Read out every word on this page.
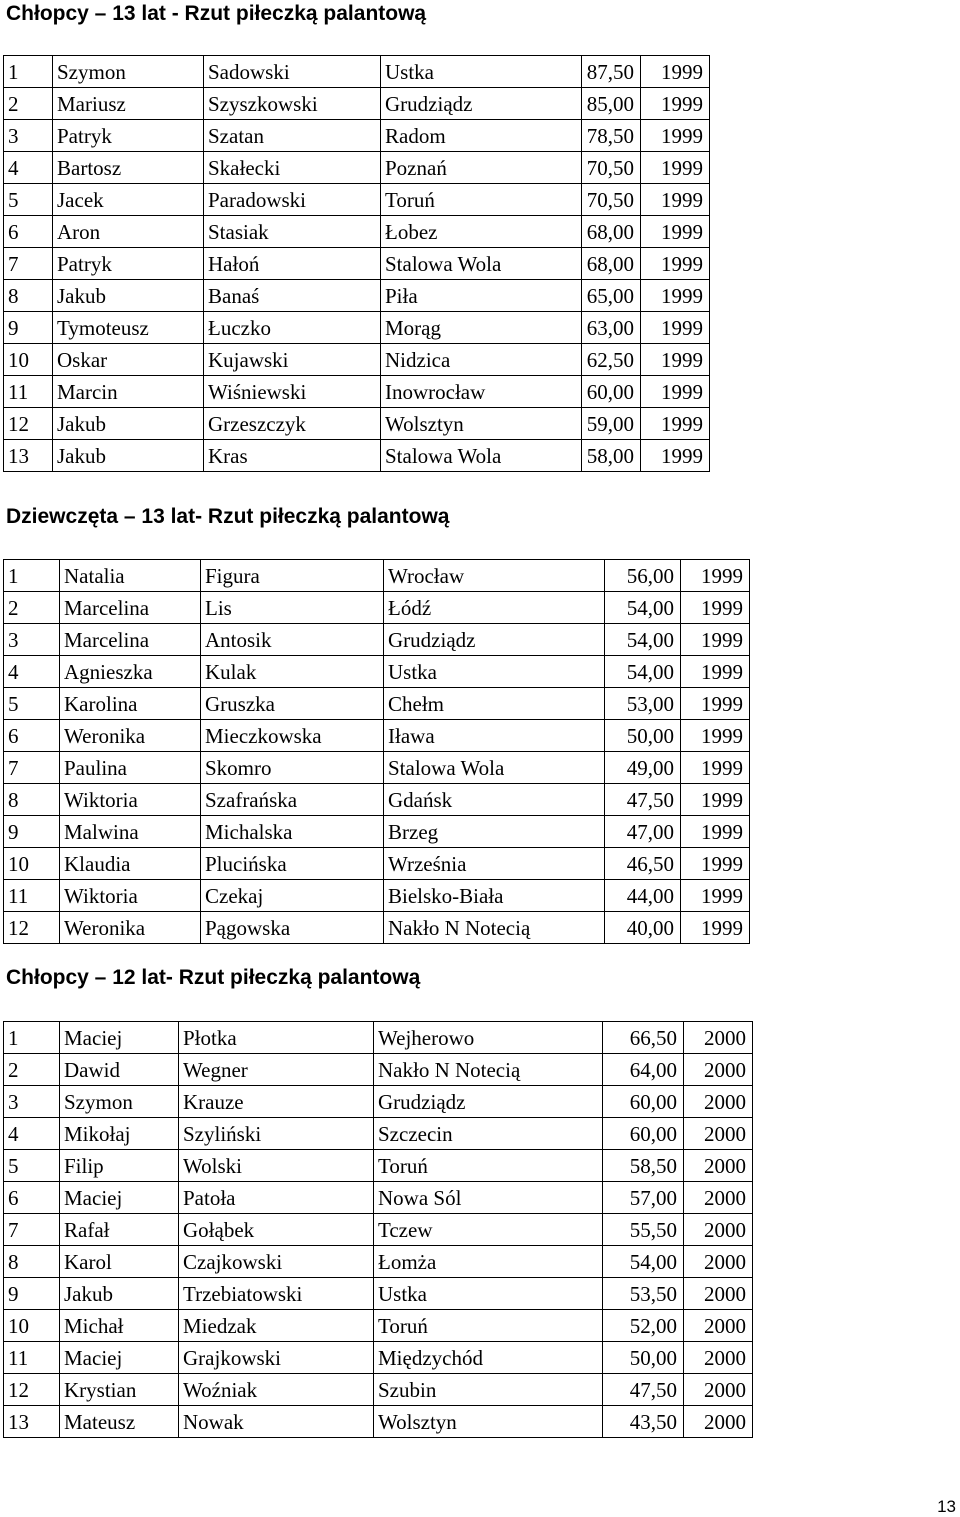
Chłopcy – 13 lat - Rzut piłeczką palantową
1	Szymon	Sadowski	Ustka	87,50	1999
2	Mariusz	Szyszkowski	Grudziądz	85,00	1999
3	Patryk	Szatan	Radom	78,50	1999
4	Bartosz	Skałecki	Poznań	70,50	1999
5	Jacek	Paradowski	Toruń	70,50	1999
6	Aron	Stasiak	Łobez	68,00	1999
7	Patryk	Hałoń	Stalowa Wola	68,00	1999
8	Jakub	Banaś	Piła	65,00	1999
9	Tymoteusz	Łuczko	Morąg	63,00	1999
10	Oskar	Kujawski	Nidzica	62,50	1999
11	Marcin	Wiśniewski	Inowrocław	60,00	1999
12	Jakub	Grzeszczyk	Wolsztyn	59,00	1999
13	Jakub	Kras	Stalowa Wola	58,00	1999
Dziewczęta – 13 lat- Rzut piłeczką palantową
1	Natalia	Figura	Wrocław	56,00	1999
2	Marcelina	Lis	Łódź	54,00	1999
3	Marcelina	Antosik	Grudziądz	54,00	1999
4	Agnieszka	Kulak	Ustka	54,00	1999
5	Karolina	Gruszka	Chełm	53,00	1999
6	Weronika	Mieczkowska	Iława	50,00	1999
7	Paulina	Skomro	Stalowa Wola	49,00	1999
8	Wiktoria	Szafrańska	Gdańsk	47,50	1999
9	Malwina	Michalska	Brzeg	47,00	1999
10	Klaudia	Plucińska	Września	46,50	1999
11	Wiktoria	Czekaj	Bielsko-Biała	44,00	1999
12	Weronika	Pągowska	Nakło N Notecią	40,00	1999
Chłopcy – 12 lat- Rzut piłeczką palantową
1	Maciej	Płotka	Wejherowo	66,50	2000
2	Dawid	Wegner	Nakło N Notecią	64,00	2000
3	Szymon	Krauze	Grudziądz	60,00	2000
4	Mikołaj	Szyliński	Szczecin	60,00	2000
5	Filip	Wolski	Toruń	58,50	2000
6	Maciej	Patoła	Nowa Sól	57,00	2000
7	Rafał	Gołąbek	Tczew	55,50	2000
8	Karol	Czajkowski	Łomża	54,00	2000
9	Jakub	Trzebiatowski	Ustka	53,50	2000
10	Michał	Miedzak	Toruń	52,00	2000
11	Maciej	Grajkowski	Międzychód	50,00	2000
12	Krystian	Woźniak	Szubin	47,50	2000
13	Mateusz	Nowak	Wolsztyn	43,50	2000
13
